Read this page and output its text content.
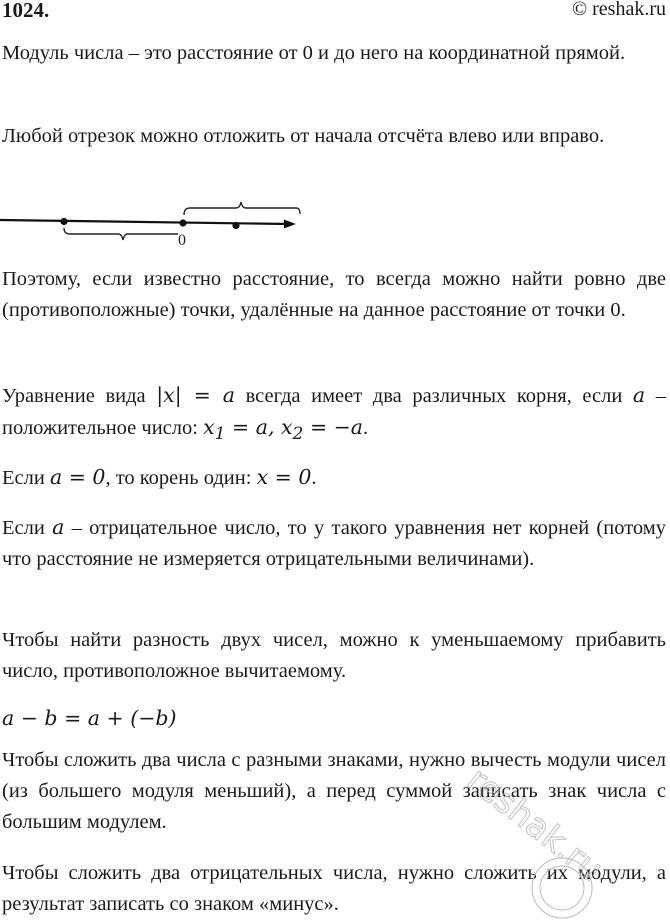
1024.	© reshak.ru

Модуль числа – это расстояние от 0 и до него на координатной прямой.

Любой отрезок можно отложить от начала отсчёта влево или вправо.

0

Поэтому, если известно расстояние, то всегда можно найти ровно две (противоположные) точки, удалённые на данное расстояние от точки 0.

Уравнение вида |x| = a всегда имеет два различных корня, если a – положительное число: $x_1 = a$, $x_2 = -a$.

Если a = 0, то корень один: x = 0.

Если a – отрицательное число, то у такого уравнения нет корней (потому что расстояние не измеряется отрицательными величинами).

Чтобы найти разность двух чисел, можно к уменьшаемому прибавить число, противоположное вычитаемому.

a − b = a + (−b)

Чтобы сложить два числа с разными знаками, нужно вычесть модули чисел (из большего модуля меньший), а перед суммой записать знак числа с большим модулем.

Чтобы сложить два отрицательных числа, нужно сложить их модули, а результат записать со знаком «минус».

reshak.ru
